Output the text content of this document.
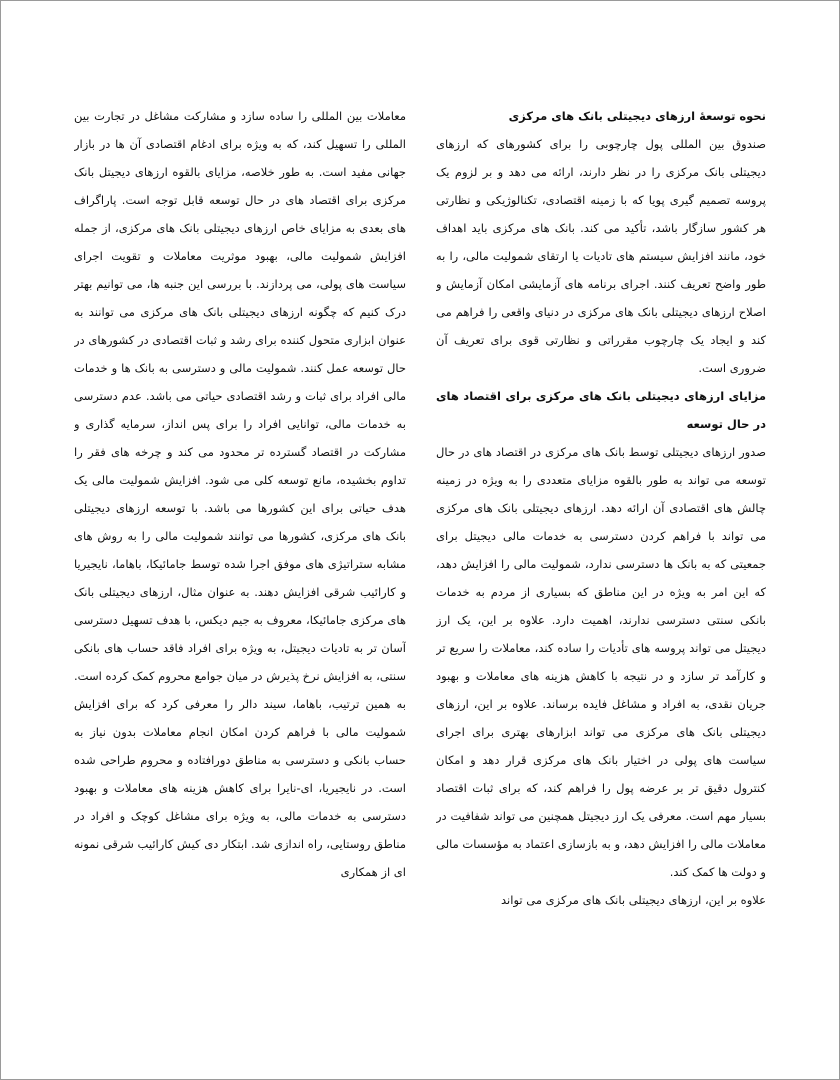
نحوه توسعهٔ ارزهای دیجیتلی بانک های مرکزی

صندوق بین المللی پول چارچوبی را برای کشورهای که ارزهای دیجیتلی بانک مرکزی را در نظر دارند، ارائه می دهد و بر لزوم یک پروسه تصمیم گیری پویا که با زمینه اقتصادی، تکنالوژیکی و نظارتی هر کشور سازگار باشد، تأکید می کند. بانک های مرکزی باید اهداف خود، مانند افزایش سیستم های تادیات یا ارتقای شمولیت مالی، را به طور واضح تعریف کنند. اجرای برنامه های آزمایشی امکان آزمایش و اصلاح ارزهای دیجیتلی بانک های مرکزی در دنیای واقعی را فراهم می کند و ایجاد یک چارچوب مقرراتی و نظارتی قوی برای تعریف آن ضروری است.

مزایای ارزهای دیجیتلی بانک های مرکزی برای اقتصاد های در حال توسعه

صدور ارزهای دیجیتلی توسط بانک های مرکزی در اقتصاد های در حال توسعه می تواند به طور بالقوه مزایای متعددی را به ویژه در زمینه چالش های اقتصادی آن ارائه دهد. ارزهای دیجیتلی بانک های مرکزی می تواند با فراهم کردن دسترسی به خدمات مالی دیجیتل برای جمعیتی که به بانک ها دسترسی ندارد، شمولیت مالی را افزایش دهد، که این امر به ویژه در این مناطق که بسیاری از مردم به خدمات بانکی سنتی دسترسی ندارند، اهمیت دارد. علاوه بر این، یک ارز دیجیتل می تواند پروسه های تأدیات را ساده کند، معاملات را سریع تر و کارآمد تر سازد و در نتیجه با کاهش هزینه های معاملات و بهبود جریان نقدی، به افراد و مشاغل فایده برساند. علاوه بر این، ارزهای دیجیتلی بانک های مرکزی می تواند ابزارهای بهتری برای اجرای سیاست های پولی در اختیار بانک های مرکزی قرار دهد و امکان کنترول دقیق تر بر عرضه پول را فراهم کند، که برای ثبات اقتصاد بسیار مهم است. معرفی یک ارز دیجیتل همچنین می تواند شفافیت در معاملات مالی را افزایش دهد، و به بازسازی اعتماد به مؤسسات مالی و دولت ها کمک کند.

علاوه بر این، ارزهای دیجیتلی بانک های مرکزی می تواند

معاملات بین المللی را ساده سازد و مشارکت مشاغل در تجارت بین المللی را تسهیل کند، که به ویژه برای ادغام اقتصادی آن ها در بازار جهانی مفید است. به طور خلاصه، مزایای بالقوه ارزهای دیجیتل بانک مرکزی برای اقتصاد های در حال توسعه قابل توجه است. پاراگراف های بعدی به مزایای خاص ارزهای دیجیتلی بانک های مرکزی، از جمله افزایش شمولیت مالی، بهبود موثریت معاملات و تقویت اجرای سیاست های پولی، می پردازند. با بررسی این جنبه ها، می توانیم بهتر درک کنیم که چگونه ارزهای دیجیتلی بانک های مرکزی می توانند به عنوان ابزاری متحول کننده برای رشد و ثبات اقتصادی در کشورهای در حال توسعه عمل کنند. شمولیت مالی و دسترسی به بانک ها و خدمات مالی افراد برای ثبات و رشد اقتصادی حیاتی می باشد. عدم دسترسی به خدمات مالی، توانایی افراد را برای پس انداز، سرمایه گذاری و مشارکت در اقتصاد گسترده تر محدود می کند و چرخه های فقر را تداوم بخشیده، مانع توسعه کلی می شود. افزایش شمولیت مالی یک هدف حیاتی برای این کشورها می باشد. با توسعه ارزهای دیجیتلی بانک های مرکزی، کشورها می توانند شمولیت مالی را به روش های مشابه ستراتیژی های موفق اجرا شده توسط جامائیکا، باهاما، نایجیریا و کارائیب شرقی افزایش دهند. به عنوان مثال، ارزهای دیجیتلی بانک های مرکزی جامائیکا، معروف به جیم دیکس، با هدف تسهیل دسترسی آسان تر به تادیات دیجیتل، به ویژه برای افراد فاقد حساب های بانکی سنتی، به افزایش نرخ پذیرش در میان جوامع محروم کمک کرده است. به همین ترتیب، باهاما، سیند دالر را معرفی کرد که برای افزایش شمولیت مالی با فراهم کردن امکان انجام معاملات بدون نیاز به حساب بانکی و دسترسی به مناطق دورافتاده و محروم طراحی شده است. در نایجیریا، ای-نایرا برای کاهش هزینه های معاملات و بهبود دسترسی به خدمات مالی، به ویژه برای مشاغل کوچک و افراد در مناطق روستایی، راه اندازی شد. ابتکار دی کیش کارائیب شرقی نمونه ای از همکاری
